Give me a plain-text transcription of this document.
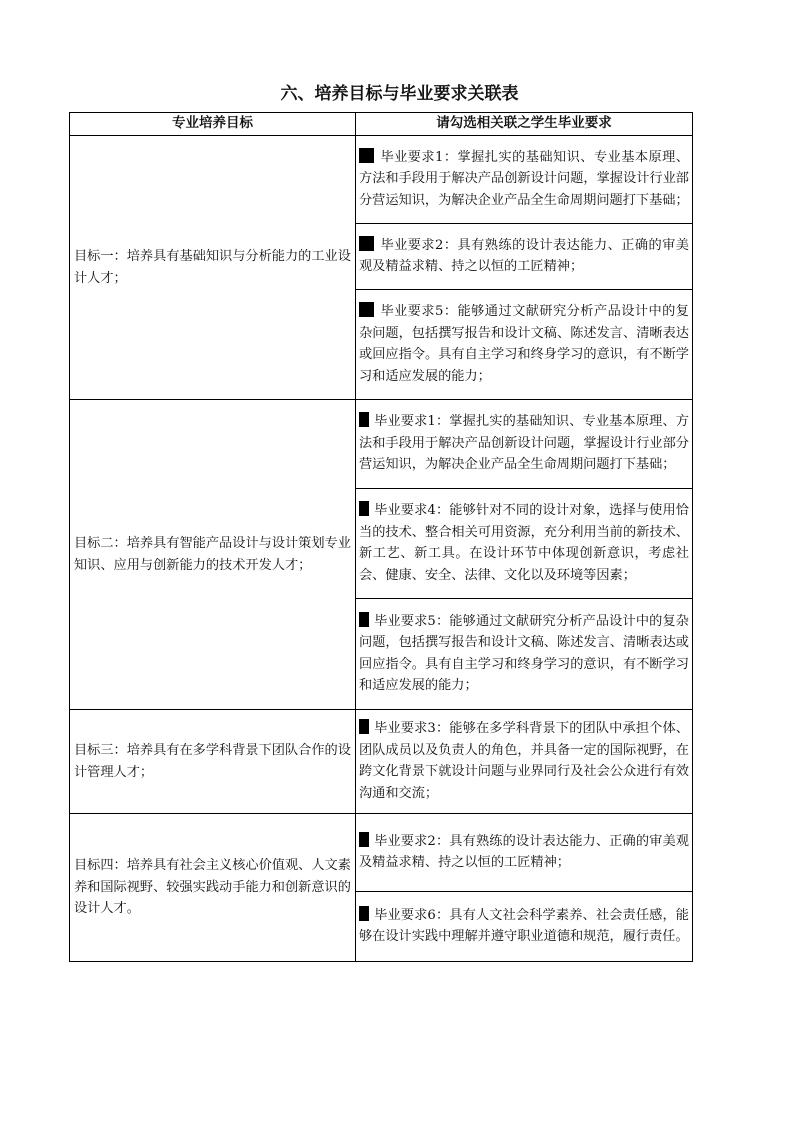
六、培养目标与毕业要求关联表
专业培养目标	请勾选相关联之学生毕业要求
目标一：培养具有基础知识与分析能力的工业设计人才；	毕业要求1：掌握扎实的基础知识、专业基本原理、方法和手段用于解决产品创新设计问题，掌握设计行业部分营运知识，为解决企业产品全生命周期问题打下基础；
	毕业要求2：具有熟练的设计表达能力、正确的审美观及精益求精、持之以恒的工匠精神；
	毕业要求5：能够通过文献研究分析产品设计中的复杂问题，包括撰写报告和设计文稿、陈述发言、清晰表达或回应指令。具有自主学习和终身学习的意识，有不断学习和适应发展的能力；
目标二：培养具有智能产品设计与设计策划专业知识、应用与创新能力的技术开发人才；	毕业要求1：掌握扎实的基础知识、专业基本原理、方法和手段用于解决产品创新设计问题，掌握设计行业部分营运知识，为解决企业产品全生命周期问题打下基础；
	毕业要求4：能够针对不同的设计对象，选择与使用恰当的技术、整合相关可用资源，充分利用当前的新技术、新工艺、新工具。在设计环节中体现创新意识，考虑社会、健康、安全、法律、文化以及环境等因素；
	毕业要求5：能够通过文献研究分析产品设计中的复杂问题，包括撰写报告和设计文稿、陈述发言、清晰表达或回应指令。具有自主学习和终身学习的意识，有不断学习和适应发展的能力；
目标三：培养具有在多学科背景下团队合作的设计管理人才；	毕业要求3：能够在多学科背景下的团队中承担个体、团队成员以及负责人的角色，并具备一定的国际视野，在跨文化背景下就设计问题与业界同行及社会公众进行有效沟通和交流；
目标四：培养具有社会主义核心价值观、人文素养和国际视野、较强实践动手能力和创新意识的设计人才。	毕业要求2：具有熟练的设计表达能力、正确的审美观及精益求精、持之以恒的工匠精神；
	毕业要求6：具有人文社会科学素养、社会责任感，能够在设计实践中理解并遵守职业道德和规范，履行责任。
